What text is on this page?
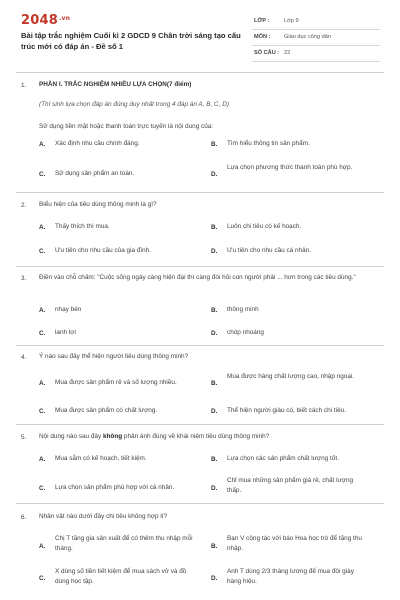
$2048^{.vn}$
Bài tập trắc nghiệm Cuối kì 2 GDCD 9 Chân trời sáng tạo cấu trúc mới có đáp án - Đề số 1
LỚP :	Lớp 9
MÔN : Giáo dục công dân
SỐ CÂU : 22
1. PHẦN I. TRẮC NGHIỆM NHIỀU LỰA CHỌN(7 điểm)
(Thí sinh lựa chọn đáp án đúng duy nhất trong 4 đáp án A, B, C, D)
Sử dụng tiền mặt hoặc thanh toán trực tuyến là nội dung của:
A. Xác định nhu cầu chính đáng.	B. Tìm hiểu thông tin sản phẩm.
C. Sử dụng sản phẩm an toàn.	D.
Lựa chọn phương thức thanh toán phù hợp.
2. Biểu hiện của tiêu dùng thông minh là gì?
A. Thấy thích thì mua.	B. Luôn chi tiêu có kế hoạch.
C. Ưu tiên cho nhu cầu của gia đình.	D. Ưu tiên cho nhu cầu cá nhân.
3. Điền vào chỗ chấm: "Cuộc sống ngày càng hiện đại thì càng đòi hỏi con người phải ... hơn trong các tiêu dùng."
A. nhạy bén	B. thông minh
C. lanh lợi	D. chóp nhoáng
4. Ý nào sau đây thể hiện người tiêu dùng thông minh?
A. Mua được sản phẩm rẻ và số lượng nhiều.	B.
Mua được hàng chất lượng cao, nhập ngoại.
C. Mua được sản phẩm có chất lượng.	D. Thể hiện người giàu có, biết cách chi tiêu.
5. Nội dung nào sau đây không phản ánh đúng về khái niệm tiêu dùng thông minh?
A. Mua sắm có kế hoạch, tiết kiệm.	B. Lựa chọn các sản phẩm chất lượng tốt.
C. Lựa chọn sản phẩm phù hợp với cá nhân.	D.
Chỉ mua những sản phẩm giá rẻ, chất lượng thấp.
6. Nhân vật nào dưới đây chi tiêu không hợp lí?
A.
Chị T tăng gia sản xuất để có thêm thu nhập mỗi tháng.	B.
Bạn V cộng tác với báo Hoa học trò để tăng thu nhập.
C.
X dùng số tiền tiết kiệm để mua sách vở và đồ dùng học tập.	D.
Anh T dùng 2/3 tháng lương để mua đôi giày hàng hiệu.
